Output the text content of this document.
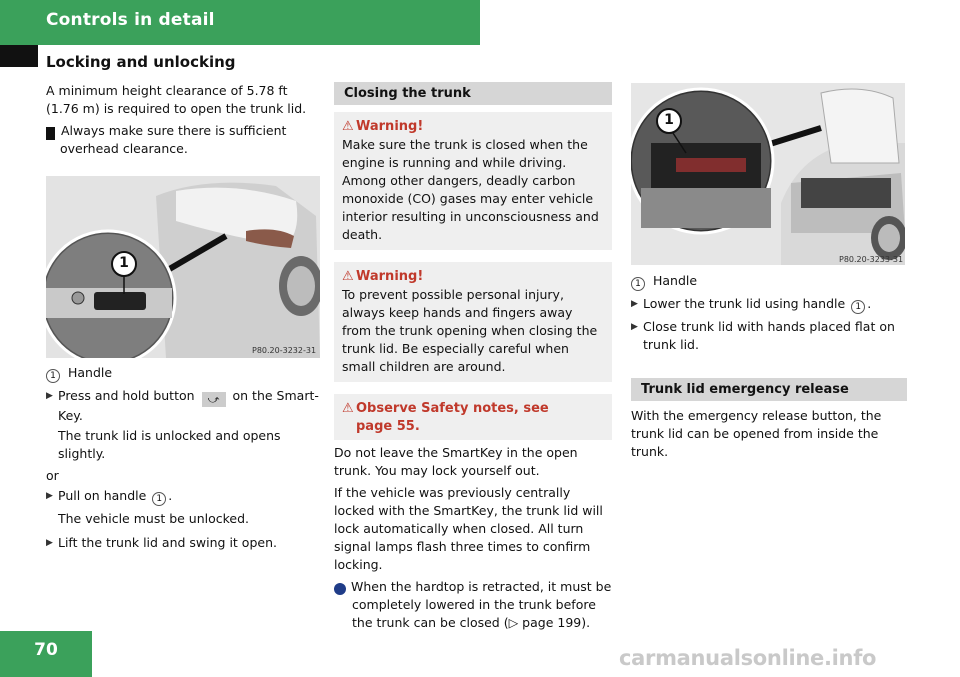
Controls in detail
Locking and unlocking

A minimum height clearance of 5.78 ft (1.76 m) is required to open the trunk lid.

! Always make sure there is sufficient overhead clearance.

1
P80.20-3232-31

1 Handle

▶ Press and hold button ⤻ on the SmartKey.

The trunk lid is unlocked and opens slightly.

or

▶ Pull on handle 1 .

The vehicle must be unlocked.

▶ Lift the trunk lid and swing it open.
Closing the trunk
⚠ Warning!

Make sure the trunk is closed when the engine is running and while driving. Among other dangers, deadly carbon monoxide (CO) gases may enter vehicle interior resulting in unconsciousness and death.

⚠ Warning!

To prevent possible personal injury, always keep hands and fingers away from the trunk opening when closing the trunk lid. Be especially careful when small children are around.

⚠ Observe Safety notes, see page 55.

Do not leave the SmartKey in the open trunk. You may lock yourself out.

If the vehicle was previously centrally locked with the SmartKey, the trunk lid will lock automatically when closed. All turn signal lamps flash three times to confirm locking.

i When the hardtop is retracted, it must be completely lowered in the trunk before the trunk can be closed (▷ page 199).

1
P80.20-3233-31

1 Handle

▶ Lower the trunk lid using handle 1 .
▶ Close trunk lid with hands placed flat on trunk lid.
Trunk lid emergency release

With the emergency release button, the trunk lid can be opened from inside the trunk.

70	carmanualsonline.info
